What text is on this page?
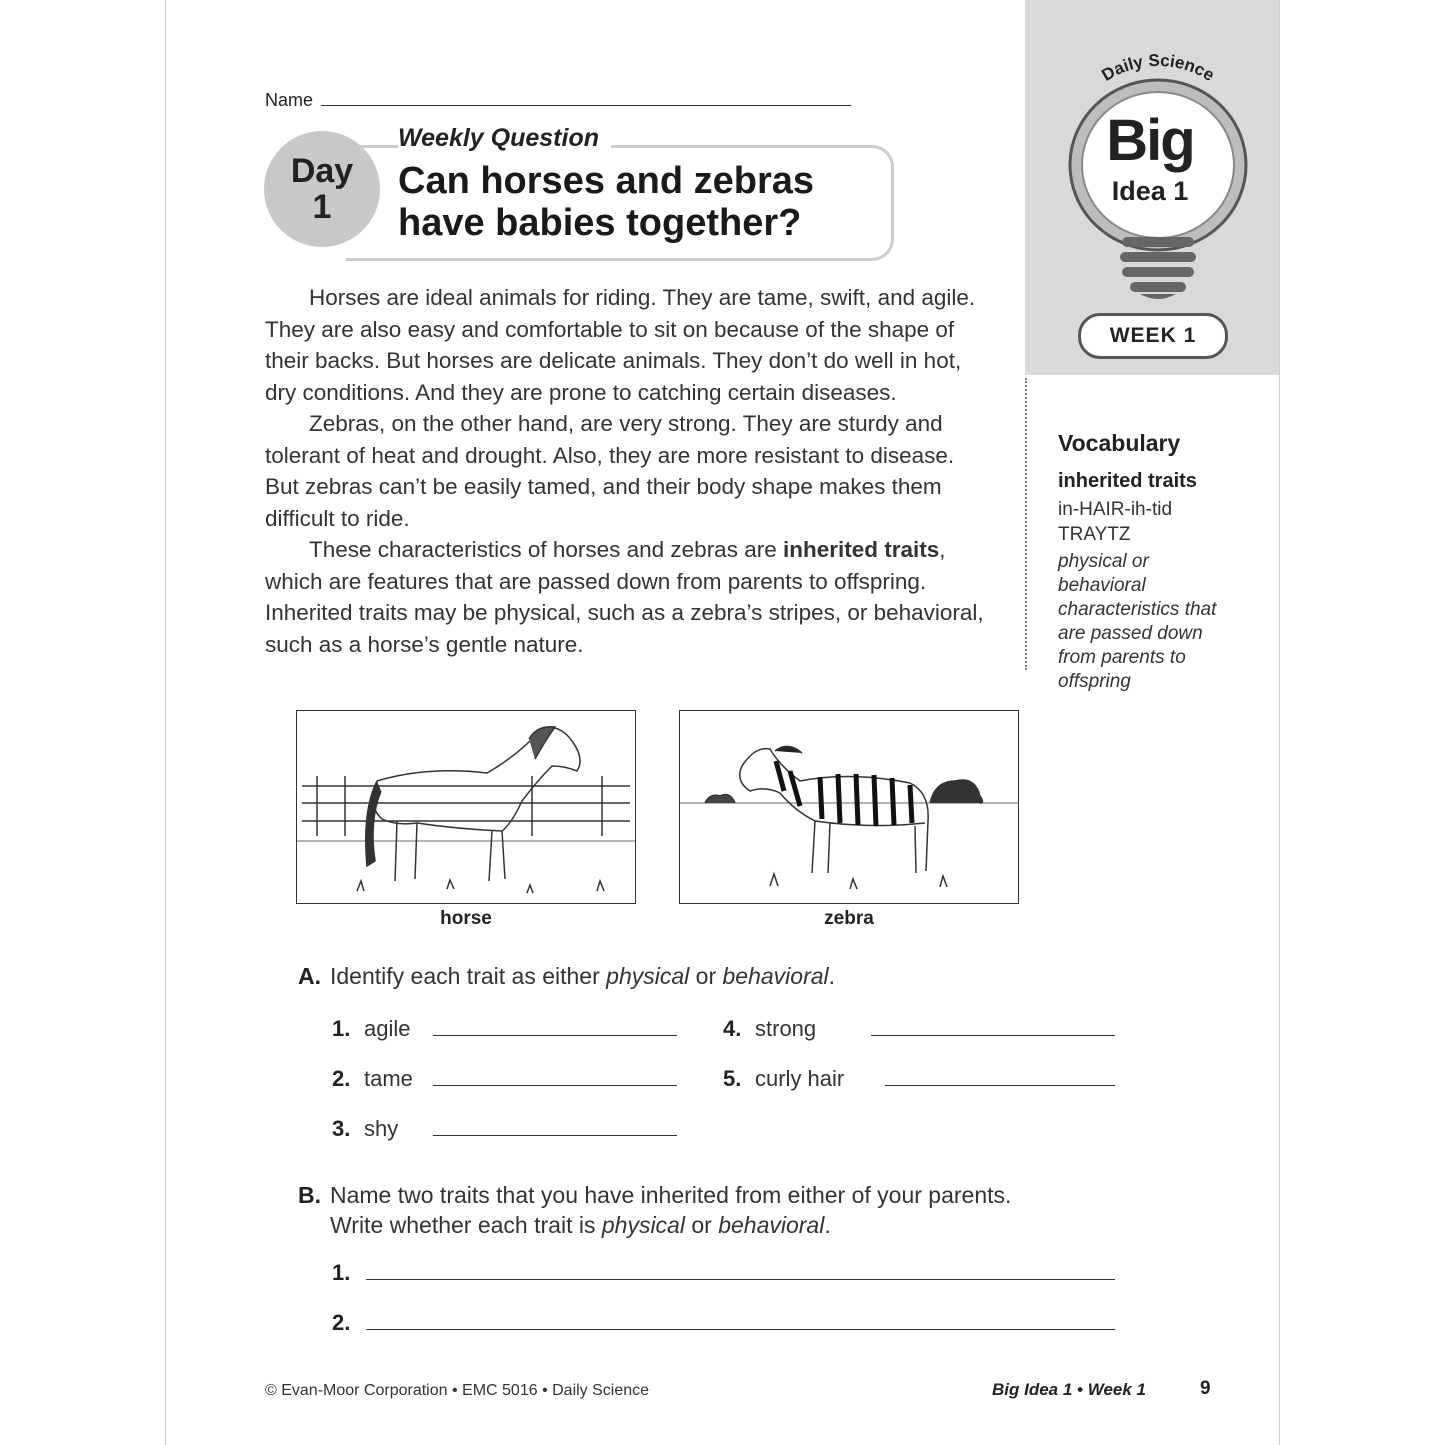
Daily Science
Big
Idea 1
WEEK 1
Name
Weekly Question
Day
1
Can horses and zebras
have babies together?

Horses are ideal animals for riding. They are tame, swift, and agile. They are also easy and comfortable to sit on because of the shape of their backs. But horses are delicate animals. They don’t do well in hot, dry conditions. And they are prone to catching certain diseases.

Zebras, on the other hand, are very strong. They are sturdy and tolerant of heat and drought. Also, they are more resistant to disease. But zebras can’t be easily tamed, and their body shape makes them difficult to ride.

These characteristics of horses and zebras are inherited traits, which are features that are passed down from parents to offspring. Inherited traits may be physical, such as a zebra’s stripes, or behavioral, such as a horse’s gentle nature.

Vocabulary
inherited traits
in-HAIR-ih-tid
TRAYTZ
physical or behavioral characteristics that are passed down from parents to offspring
horse	zebra
A. Identify each trait as either physical or behavioral.
1. agile
2. tame
3. shy
4. strong
5. curly hair
B. Name two traits that you have inherited from either of your parents.
Write whether each trait is physical or behavioral.
1.
2.
© Evan-Moor Corporation • EMC 5016 • Daily Science	Big Idea 1 • Week 1	9
